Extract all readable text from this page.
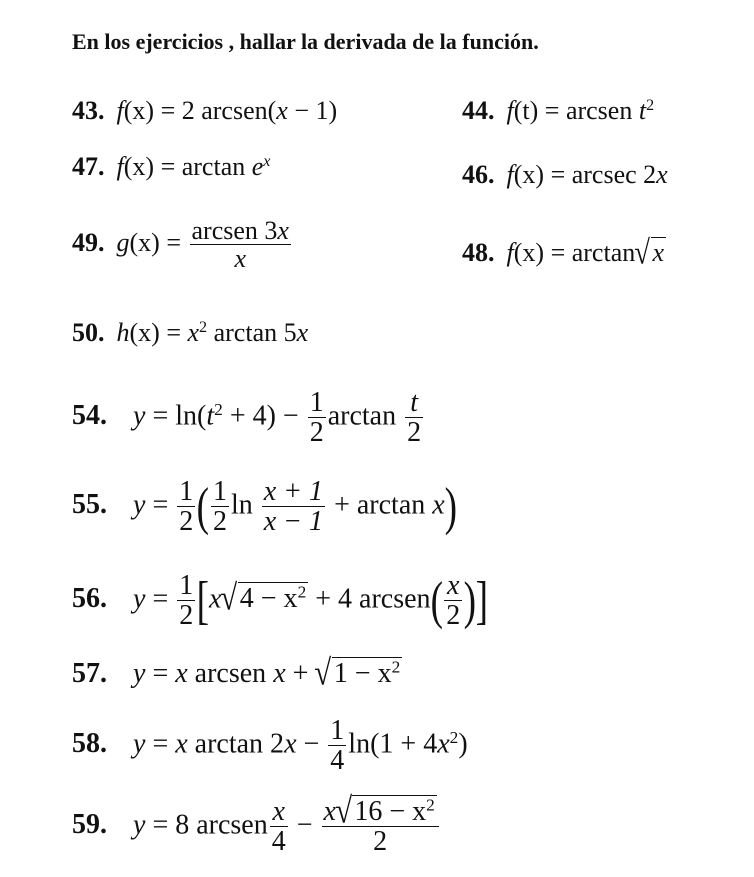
En los ejercicios , hallar la derivada de la función.
43. f(x) = 2 arcsen(x − 1)	44. f(t) = arcsen $t^2$
47. $f(x) = \arctan e^x$	46. f(x) = arcsec 2x
49. $g(x) = \frac{\text{arcsen 3x}}{x}$	48. f(x) = arctan√x
50. $h(x) = x^2$ arctan 5x
54. $y = \ln(t^2 + 4) - \frac{1}{2}$ $\arctan \frac{t}{2}$
55. $y = \frac{1}{2}$ ( $\frac{1}{2}$ $\ln \frac{x + 1}{x - 1} + \arctan x$)
56. $y = \frac{1}{2} [x√4 - x^2 + 4$ arcsen( $\frac{x}{2}$ )]
57. y = x arcsen $x + √1 - x^2$
58. y = x $\arctan 2x - \frac{1}{4} \ln(1 + 4x^2)$
59. y = 8 arcsen $\frac{x}{4} - \frac{x√16 - x^2}{2}$
